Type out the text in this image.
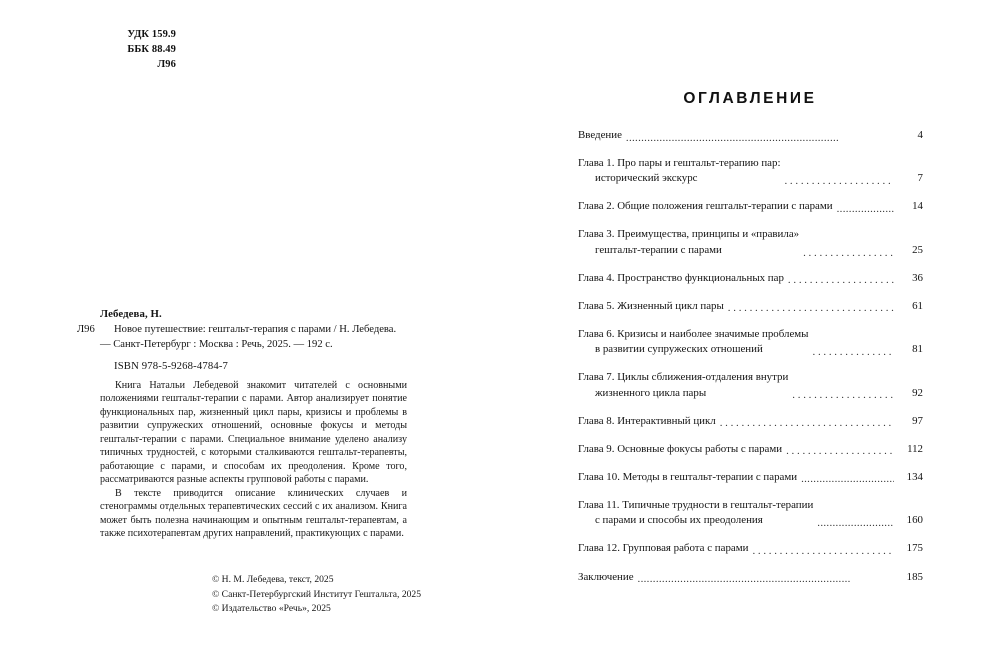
УДК 159.9
ББК 88.49
Л96
Лебедева, Н.
Л96	Новое путешествие: гештальт-терапия с парами / Н. Лебедева. — Санкт-Петербург : Москва : Речь, 2025. — 192 с.
ISBN 978-5-9268-4784-7

Книга Натальи Лебедевой знакомит читателей с основными положениями гештальт-терапии с парами. Автор анализирует понятие функциональных пар, жизненный цикл пары, кризисы и проблемы в развитии супружеских отношений, основные фокусы и методы гештальт-терапии с парами. Специальное внимание уделено анализу типичных трудностей, с которыми сталкиваются гештальт-терапевты, работающие с парами, и способам их преодоления. Кроме того, рассматриваются разные аспекты групповой работы с парами.

В тексте приводится описание клинических случаев и стенограммы отдельных терапевтических сессий с их анализом. Книга может быть полезна начинающим и опытным гештальт-терапевтам, а также психотерапевтам других направлений, практикующих с парами.

© Н. М. Лебедева, текст, 2025
© Санкт-Петербургский Институт Гештальта, 2025
© Издательство «Речь», 2025
ОГЛАВЛЕНИЕ
Введение . . .	4
Глава 1. Про пары и гештальт-терапию пар:
исторический экскурс . . .	7
Глава 2. Общие положения гештальт-терапии с парами . . .	14
Глава 3. Преимущества, принципы и «правила»
гештальт-терапии с парами . . .	25
Глава 4. Пространство функциональных пар . . .	36
Глава 5. Жизненный цикл пары . . .	61
Глава 6. Кризисы и наиболее значимые проблемы
в развитии супружеских отношений . . .	81
Глава 7. Циклы сближения-отдаления внутри
жизненного цикла пары . . .	92
Глава 8. Интерактивный цикл . . .	97
Глава 9. Основные фокусы работы с парами . . .	112
Глава 10. Методы в гештальт-терапии с парами . . .	134
Глава 11. Типичные трудности в гештальт-терапии
с парами и способы их преодоления . . .	160
Глава 12. Групповая работа с парами . . .	175
Заключение . . .	185
